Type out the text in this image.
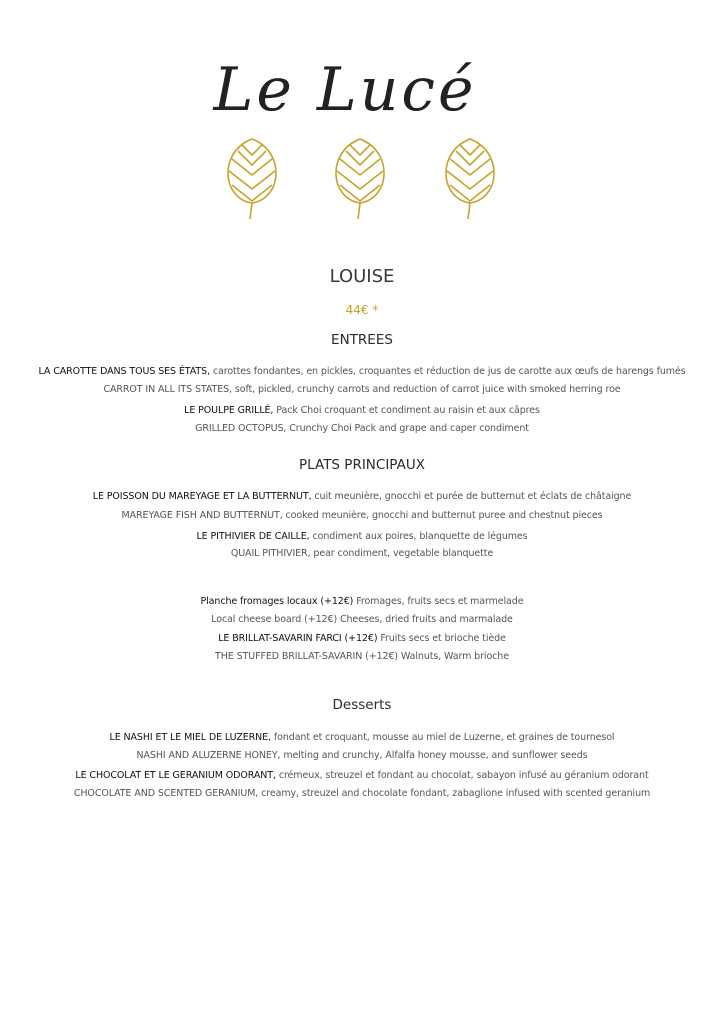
Le Lucé
LOUISE
44€ *
ENTREES
LA CAROTTE DANS TOUS SES ÉTATS, carottes fondantes, en pickles, croquantes et réduction de jus de carotte aux œufs de harengs fumés
CARROT IN ALL ITS STATES, soft, pickled, crunchy carrots and reduction of carrot juice with smoked herring roe
LE POULPE GRILLÉ, Pack Choi croquant et condiment au raisin et aux câpres
GRILLED OCTOPUS, Crunchy Choi Pack and grape and caper condiment
PLATS PRINCIPAUX
LE POISSON DU MAREYAGE ET LA BUTTERNUT, cuit meunière, gnocchi et purée de butternut et éclats de châtaigne
MAREYAGE FISH AND BUTTERNUT, cooked meunière, gnocchi and butternut puree and chestnut pieces
LE PITHIVIER DE CAILLE, condiment aux poires, blanquette de légumes
QUAIL PITHIVIER, pear condiment, vegetable blanquette
Planche fromages locaux (+12€) Fromages, fruits secs et marmelade
Local cheese board (+12€) Cheeses, dried fruits and marmalade
LE BRILLAT-SAVARIN FARCI (+12€) Fruits secs et brioche tiède
THE STUFFED BRILLAT-SAVARIN (+12€) Walnuts, Warm brioche
Desserts
LE NASHI ET LE MIEL DE LUZERNE, fondant et croquant, mousse au miel de Luzerne, et graines de tournesol
NASHI AND ALUZERNE HONEY, melting and crunchy, Alfalfa honey mousse, and sunflower seeds
LE CHOCOLAT ET LE GERANIUM ODORANT, crémeux, streuzel et fondant au chocolat, sabayon infusé au géranium odorant
CHOCOLATE AND SCENTED GERANIUM, creamy, streuzel and chocolate fondant, zabaglione infused with scented geranium
